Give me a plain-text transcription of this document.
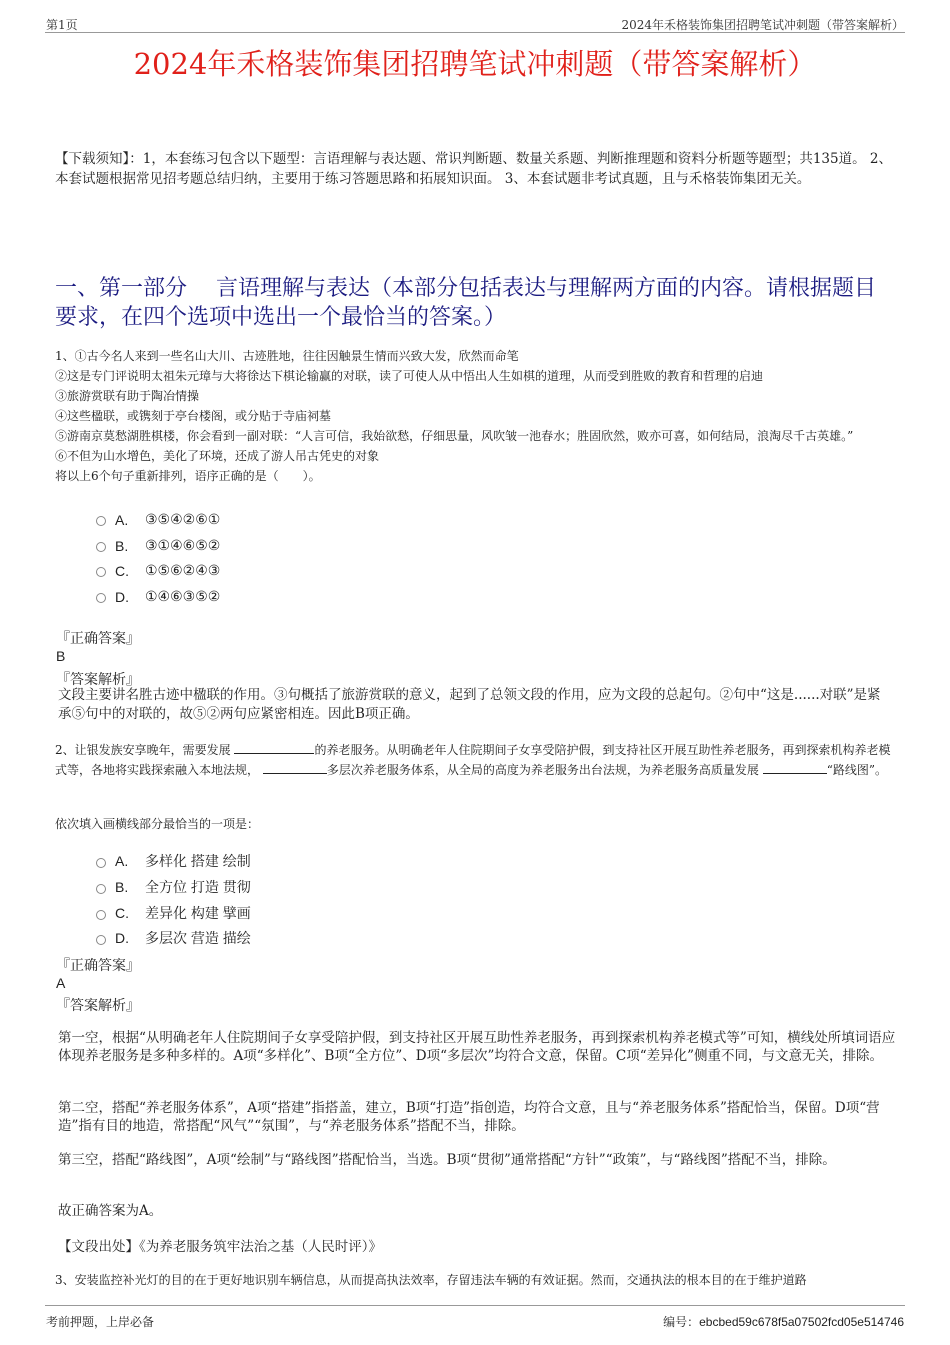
第1页	2024年禾格装饰集团招聘笔试冲刺题（带答案解析）
2024年禾格装饰集团招聘笔试冲刺题（带答案解析）
【下载须知】：1，本套练习包含以下题型：言语理解与表达题、常识判断题、数量关系题、判断推理题和资料分析题等题型；共135道。 2、本套试题根据常见招考题总结归纳，主要用于练习答题思路和拓展知识面。 3、本套试题非考试真题，且与禾格装饰集团无关。
一、第一部分　 言语理解与表达（本部分包括表达与理解两方面的内容。请根据题目要求，在四个选项中选出一个最恰当的答案。）
1、①古今名人来到一些名山大川、古迹胜地，往往因触景生情而兴致大发，欣然而命笔
②这是专门评说明太祖朱元璋与大将徐达下棋论输赢的对联，读了可使人从中悟出人生如棋的道理，从而受到胜败的教育和哲理的启迪
③旅游赏联有助于陶冶情操
④这些楹联，或镌刻于亭台楼阁，或分贴于寺庙祠墓
⑤游南京莫愁湖胜棋楼，你会看到一副对联：“人言可信，我始欲愁，仔细思量，风吹皱一池春水；胜固欣然，败亦可喜，如何结局，浪淘尽千古英雄。”
⑥不但为山水增色，美化了环境，还成了游人吊古凭史的对象
将以上6个句子重新排列，语序正确的是（　　）。
A.	③⑤④②⑥①
B.	③①④⑥⑤②
C.	①⑤⑥②④③
D.	①④⑥③⑤②
『正确答案』
B
『答案解析』
文段主要讲名胜古迹中楹联的作用。③句概括了旅游赏联的意义，起到了总领文段的作用，应为文段的总起句。②句中“这是......对联”是紧承⑤句中的对联的，故⑤②两句应紧密相连。因此B项正确。
2、让银发族安享晚年，需要发展	的养老服务。从明确老年人住院期间子女享受陪护假，到支持社区开展互助性养老服务，再到探索机构养老模式等，各地将实践探索融入本地法规，	多层次养老服务体系，从全局的高度为养老服务出台法规，为养老服务高质量发展	“路线图”。
依次填入画横线部分最恰当的一项是：
A.	多样化 搭建 绘制
B.	全方位 打造 贯彻
C.	差异化 构建 擘画
D.	多层次 营造 描绘
『正确答案』
A
『答案解析』
第一空，根据“从明确老年人住院期间子女享受陪护假，到支持社区开展互助性养老服务，再到探索机构养老模式等”可知，横线处所填词语应体现养老服务是多种多样的。A项“多样化”、B项“全方位”、D项“多层次”均符合文意，保留。C项“差异化”侧重不同，与文意无关，排除。
第二空，搭配“养老服务体系”，A项“搭建”指搭盖，建立，B项“打造”指创造，均符合文意，且与“养老服务体系”搭配恰当，保留。D项“营造”指有目的地造，常搭配“风气”“氛围”，与“养老服务体系”搭配不当，排除。
第三空，搭配“路线图”，A项“绘制”与“路线图”搭配恰当，当选。B项“贯彻”通常搭配“方针”“政策”，与“路线图”搭配不当，排除。
故正确答案为A。
【文段出处】《为养老服务筑牢法治之基（人民时评）》
3、安装监控补光灯的目的在于更好地识别车辆信息，从而提高执法效率，存留违法车辆的有效证据。然而，交通执法的根本目的在于维护道路
考前押题，上岸必备	编号：ebcbed59c678f5a07502fcd05e514746
